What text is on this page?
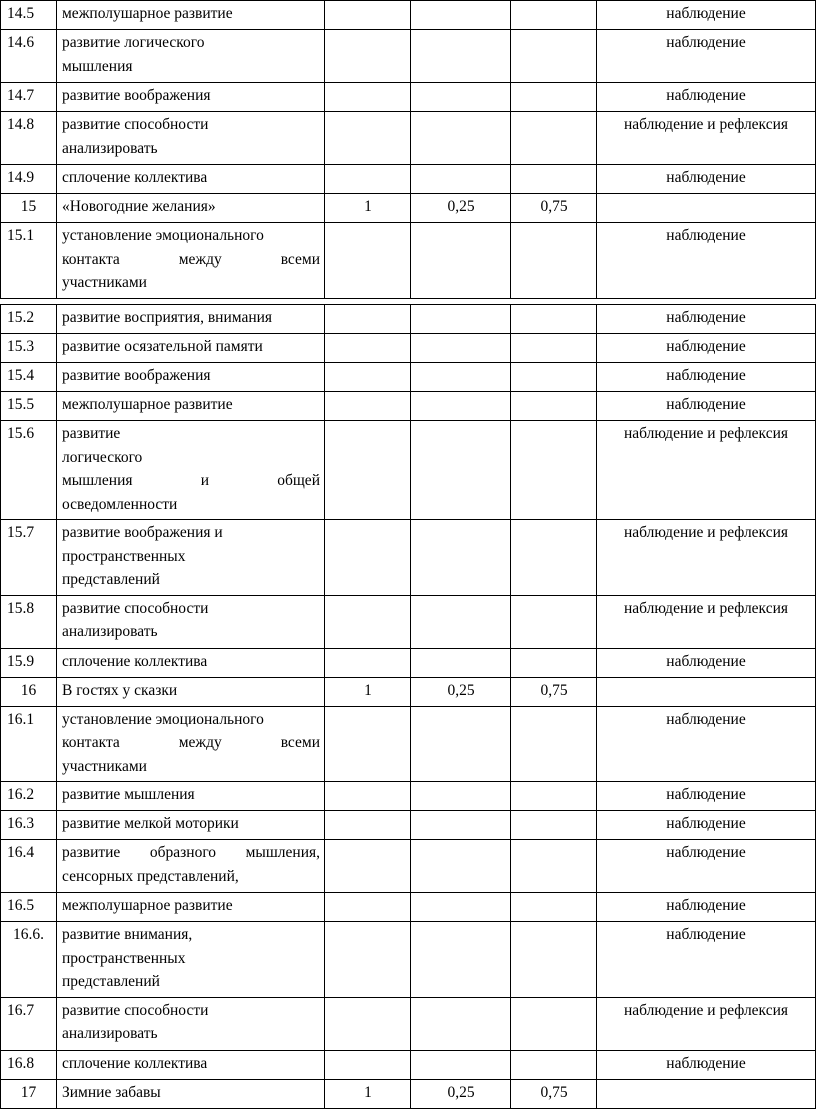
14.5	межполушарное развитие				наблюдение
14.6	развитие логического
мышления				наблюдение
14.7	развитие воображения				наблюдение
14.8	развитие способности
анализировать				наблюдение и рефлексия
14.9	сплочение коллектива				наблюдение
15	«Новогодние желания»	1	0,25	0,75	
15.1	установление эмоционального
контакта между всеми
участниками				наблюдение
15.2	развитие восприятия, внимания				наблюдение
15.3	развитие осязательной памяти				наблюдение
15.4	развитие воображения				наблюдение
15.5	межполушарное развитие				наблюдение
15.6	развитие
логического
мышления и общей
осведомленности				наблюдение и рефлексия
15.7	развитие воображения и
пространственных
представлений				наблюдение и рефлексия
15.8	развитие способности
анализировать				наблюдение и рефлексия
15.9	сплочение коллектива				наблюдение
16	В гостях у сказки	1	0,25	0,75	
16.1	установление эмоционального
контакта между всеми
участниками				наблюдение
16.2	развитие мышления				наблюдение
16.3	развитие мелкой моторики				наблюдение
16.4	развитие образного мышления,
сенсорных представлений,				наблюдение
16.5	межполушарное развитие				наблюдение
16.6.	развитие внимания,
пространственных
представлений				наблюдение
16.7	развитие способности
анализировать				наблюдение и рефлексия
16.8	сплочение коллектива				наблюдение
17	Зимние забавы	1	0,25	0,75	
